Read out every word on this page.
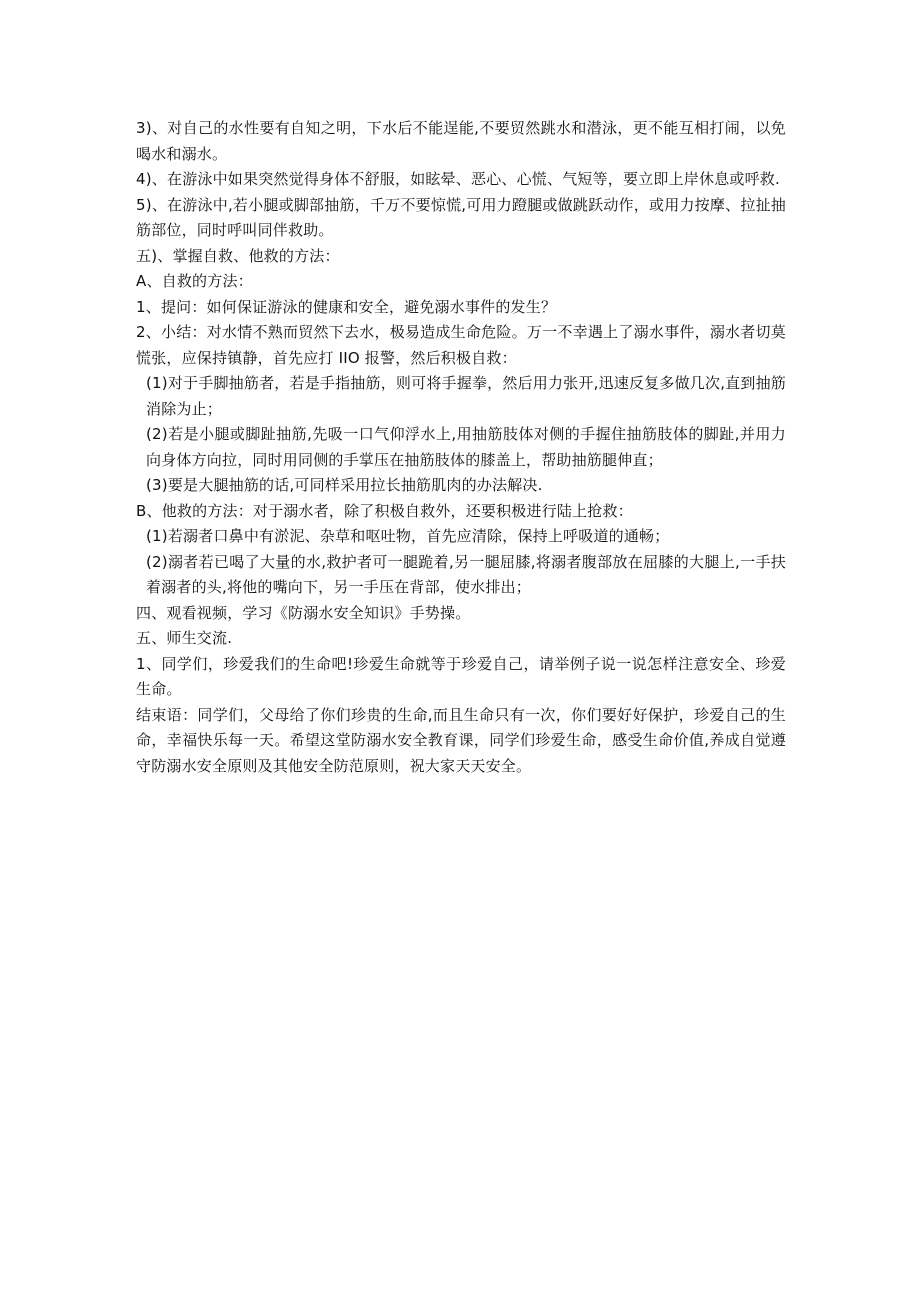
3)、对自己的水性要有自知之明，下水后不能逞能,不要贸然跳水和潜泳，更不能互相打闹，以免喝水和溺水。

4)、在游泳中如果突然觉得身体不舒服，如眩晕、恶心、心慌、气短等，要立即上岸休息或呼救.

5)、在游泳中,若小腿或脚部抽筋，千万不要惊慌,可用力蹬腿或做跳跃动作，或用力按摩、拉扯抽筋部位，同时呼叫同伴救助。

五)、掌握自救、他救的方法：

A、自救的方法：

1、提问：如何保证游泳的健康和安全，避免溺水事件的发生？

2、小结：对水情不熟而贸然下去水，极易造成生命危险。万一不幸遇上了溺水事件，溺水者切莫慌张，应保持镇静，首先应打 IIO 报警，然后积极自救：

(1)对于手脚抽筋者，若是手指抽筋，则可将手握拳，然后用力张开,迅速反复多做几次,直到抽筋消除为止；

(2)若是小腿或脚趾抽筋,先吸一口气仰浮水上,用抽筋肢体对侧的手握住抽筋肢体的脚趾,并用力向身体方向拉，同时用同侧的手掌压在抽筋肢体的膝盖上，帮助抽筋腿伸直；

(3)要是大腿抽筋的话,可同样采用拉长抽筋肌肉的办法解决.

B、他救的方法：对于溺水者，除了积极自救外，还要积极进行陆上抢救：

(1)若溺者口鼻中有淤泥、杂草和呕吐物，首先应清除，保持上呼吸道的通畅；

(2)溺者若已喝了大量的水,救护者可一腿跪着,另一腿屈膝,将溺者腹部放在屈膝的大腿上,一手扶着溺者的头,将他的嘴向下，另一手压在背部，使水排出；

四、观看视频，学习《防溺水安全知识》手势操。

五、师生交流.

1、同学们，珍爱我们的生命吧!珍爱生命就等于珍爱自己，请举例子说一说怎样注意安全、珍爱生命。

结束语：同学们，父母给了你们珍贵的生命,而且生命只有一次，你们要好好保护，珍爱自己的生命，幸福快乐每一天。希望这堂防溺水安全教育课，同学们珍爱生命，感受生命价值,养成自觉遵守防溺水安全原则及其他安全防范原则，祝大家天天安全。
